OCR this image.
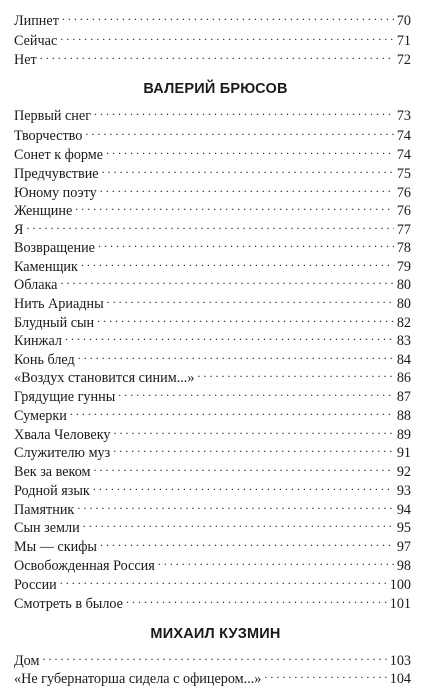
Липнет . . .	70
Сейчас . . .	71
Нет . . .	72
ВАЛЕРИЙ БРЮСОВ
Первый снег . . .	73
Творчество . . .	74
Сонет к форме . . .	74
Предчувствие . . .	75
Юному поэту . . .	76
Женщине . . .	76
Я . . .	77
Возвращение . . .	78
Каменщик . . .	79
Облака . . .	80
Нить Ариадны . . .	80
Блудный сын . . .	82
Кинжал . . .	83
Конь блед . . .	84
«Воздух становится синим...» . . .	86
Грядущие гунны . . .	87
Сумерки . . .	88
Хвала Человеку . . .	89
Служителю муз . . .	91
Век за веком . . .	92
Родной язык . . .	93
Памятник . . .	94
Сын земли . . .	95
Мы — скифы . . .	97
Освобожденная Россия . . .	98
России . . .	100
Смотреть в былое . . .	101
МИХАИЛ КУЗМИН
Дом . . .	103
«Не губернаторша сидела с офицером...» . . .	104
